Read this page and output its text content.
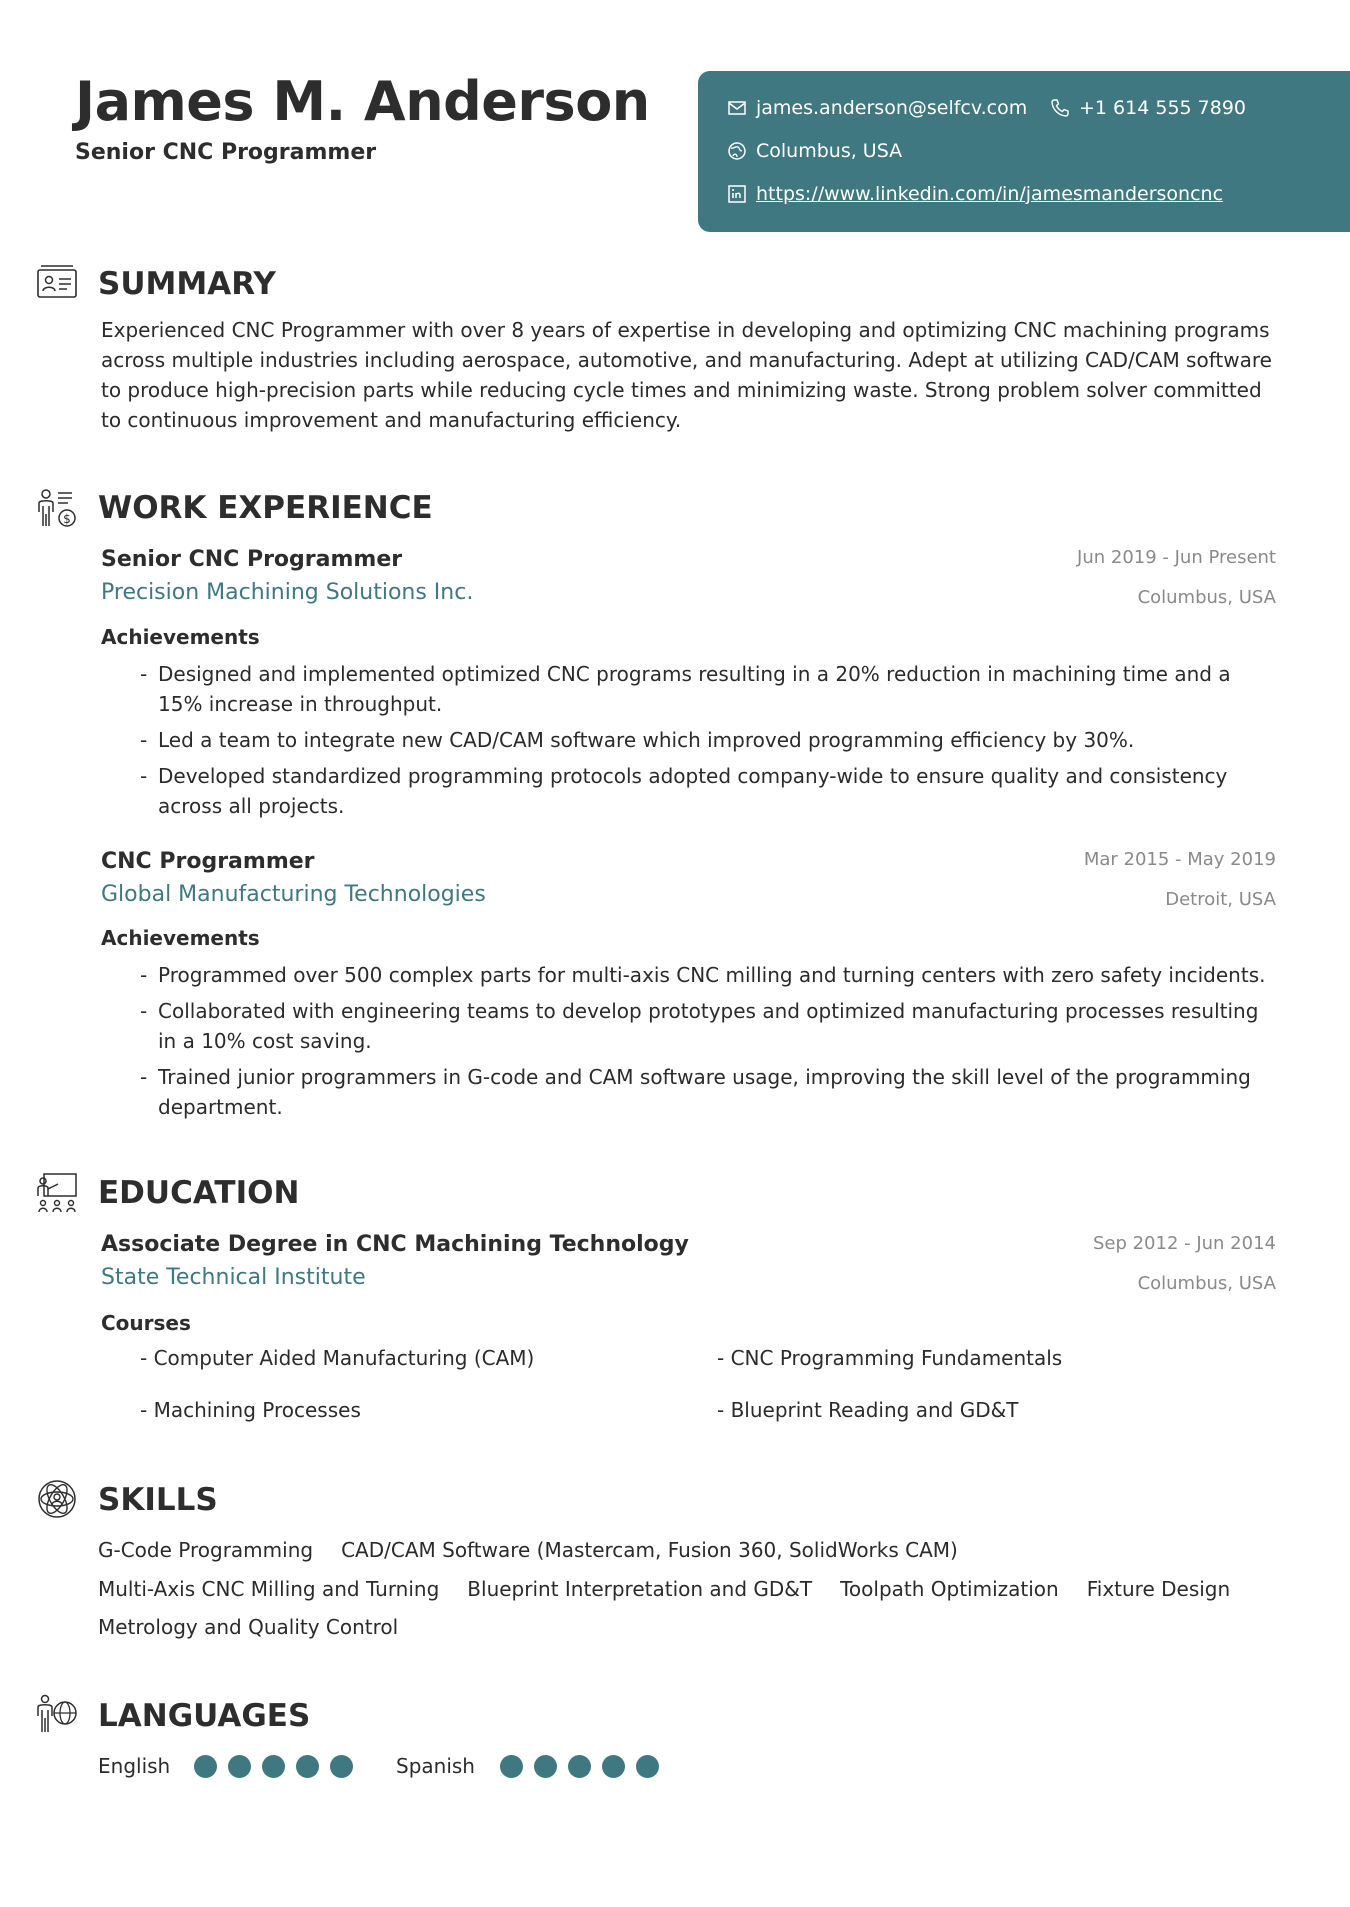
James M. Anderson
Senior CNC Programmer
james.anderson@selfcv.com	+1 614 555 7890
Columbus, USA
https://www.linkedin.com/in/jamesmandersoncnc
SUMMARY
Experienced CNC Programmer with over 8 years of expertise in developing and optimizing CNC machining programs across multiple industries including aerospace, automotive, and manufacturing. Adept at utilizing CAD/CAM software to produce high-precision parts while reducing cycle times and minimizing waste. Strong problem solver committed to continuous improvement and manufacturing efficiency.
$ WORK EXPERIENCE
Senior CNC Programmer	Jun 2019 - Jun Present
Precision Machining Solutions Inc.	Columbus, USA
Achievements
- Designed and implemented optimized CNC programs resulting in a 20% reduction in machining time and a 15% increase in throughput.
- Led a team to integrate new CAD/CAM software which improved programming efficiency by 30%.
- Developed standardized programming protocols adopted company-wide to ensure quality and consistency across all projects.
CNC Programmer	Mar 2015 - May 2019
Global Manufacturing Technologies	Detroit, USA
Achievements
- Programmed over 500 complex parts for multi-axis CNC milling and turning centers with zero safety incidents.
- Collaborated with engineering teams to develop prototypes and optimized manufacturing processes resulting in a 10% cost saving.
- Trained junior programmers in G-code and CAM software usage, improving the skill level of the programming department.
EDUCATION
Associate Degree in CNC Machining Technology	Sep 2012 - Jun 2014
State Technical Institute	Columbus, USA
Courses
- Computer Aided Manufacturing (CAM)	- CNC Programming Fundamentals
- Machining Processes	- Blueprint Reading and GD&T
SKILLS
G-Code Programming CAD/CAM Software (Mastercam, Fusion 360, SolidWorks CAM)
Multi-Axis CNC Milling and Turning Blueprint Interpretation and GD&T Toolpath Optimization Fixture Design
Metrology and Quality Control
LANGUAGES
English	Spanish
